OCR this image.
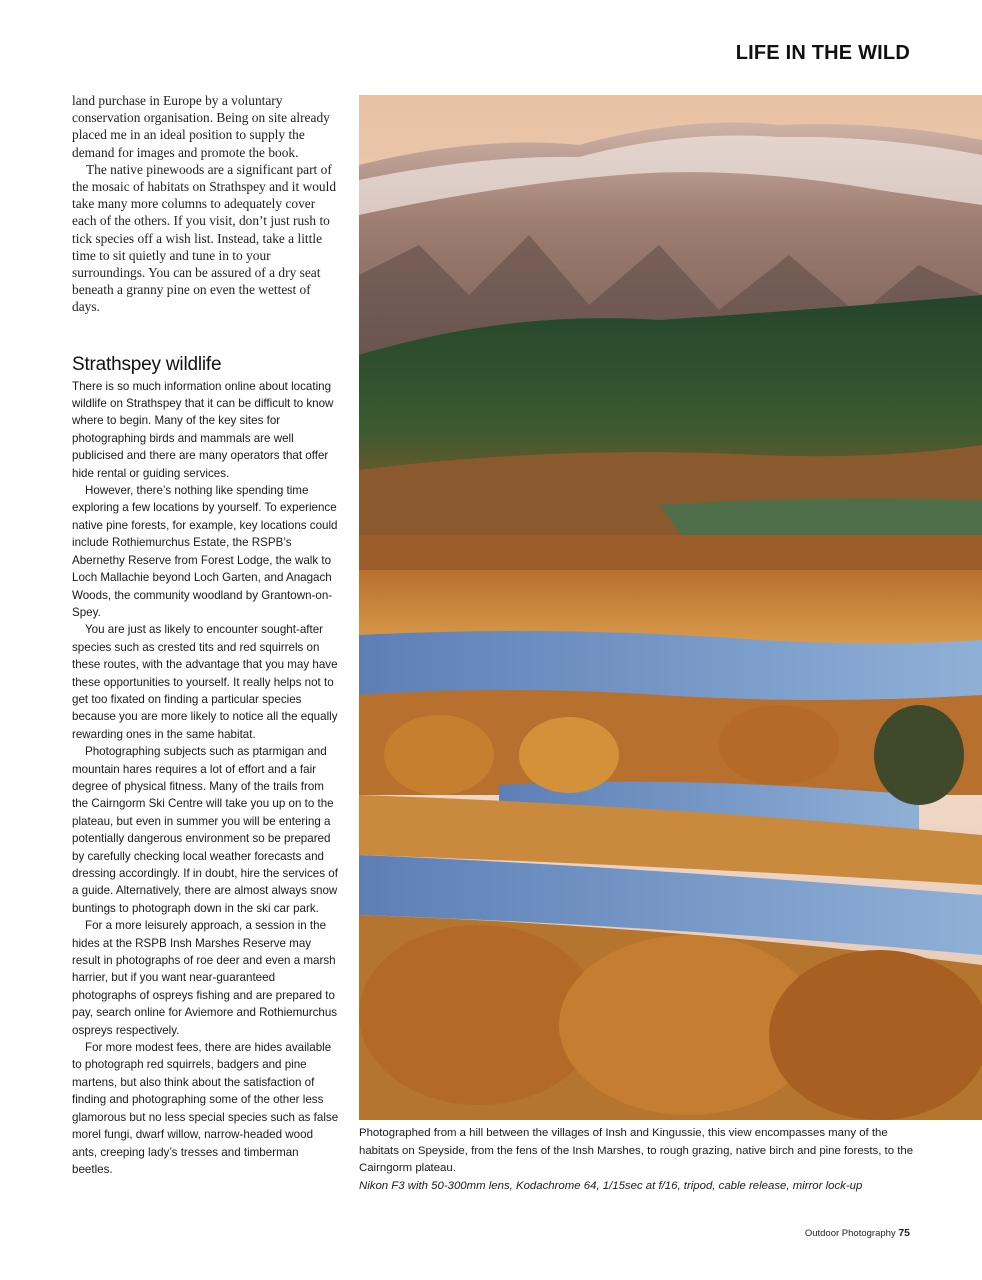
LIFE IN THE WILD

land purchase in Europe by a voluntary conservation organisation. Being on site already placed me in an ideal position to supply the demand for images and promote the book.

The native pinewoods are a significant part of the mosaic of habitats on Strathspey and it would take many more columns to adequately cover each of the others. If you visit, don’t just rush to tick species off a wish list. Instead, take a little time to sit quietly and tune in to your surroundings. You can be assured of a dry seat beneath a granny pine on even the wettest of days.

Strathspey wildlife

There is so much information online about locating wildlife on Strathspey that it can be difficult to know where to begin. Many of the key sites for photographing birds and mammals are well publicised and there are many operators that offer hide rental or guiding services.

However, there’s nothing like spending time exploring a few locations by yourself. To experience native pine forests, for example, key locations could include Rothiemurchus Estate, the RSPB’s Abernethy Reserve from Forest Lodge, the walk to Loch Mallachie beyond Loch Garten, and Anagach Woods, the community woodland by Grantown-on-Spey.

You are just as likely to encounter sought-after species such as crested tits and red squirrels on these routes, with the advantage that you may have these opportunities to yourself. It really helps not to get too fixated on finding a particular species because you are more likely to notice all the equally rewarding ones in the same habitat.

Photographing subjects such as ptarmigan and mountain hares requires a lot of effort and a fair degree of physical fitness. Many of the trails from the Cairngorm Ski Centre will take you up on to the plateau, but even in summer you will be entering a potentially dangerous environment so be prepared by carefully checking local weather forecasts and dressing accordingly. If in doubt, hire the services of a guide. Alternatively, there are almost always snow buntings to photograph down in the ski car park.

For a more leisurely approach, a session in the hides at the RSPB Insh Marshes Reserve may result in photographs of roe deer and even a marsh harrier, but if you want near-guaranteed photographs of ospreys fishing and are prepared to pay, search online for Aviemore and Rothiemurchus ospreys respectively.

For more modest fees, there are hides available to photograph red squirrels, badgers and pine martens, but also think about the satisfaction of finding and photographing some of the other less glamorous but no less special species such as false morel fungi, dwarf willow, narrow-headed wood ants, creeping lady’s tresses and timberman beetles.

Photographed from a hill between the villages of Insh and Kingussie, this view encompasses many of the habitats on Speyside, from the fens of the Insh Marshes, to rough grazing, native birch and pine forests, to the Cairngorm plateau.
Nikon F3 with 50-300mm lens, Kodachrome 64, 1/15sec at f/16, tripod, cable release, mirror lock-up
Outdoor Photography 75
